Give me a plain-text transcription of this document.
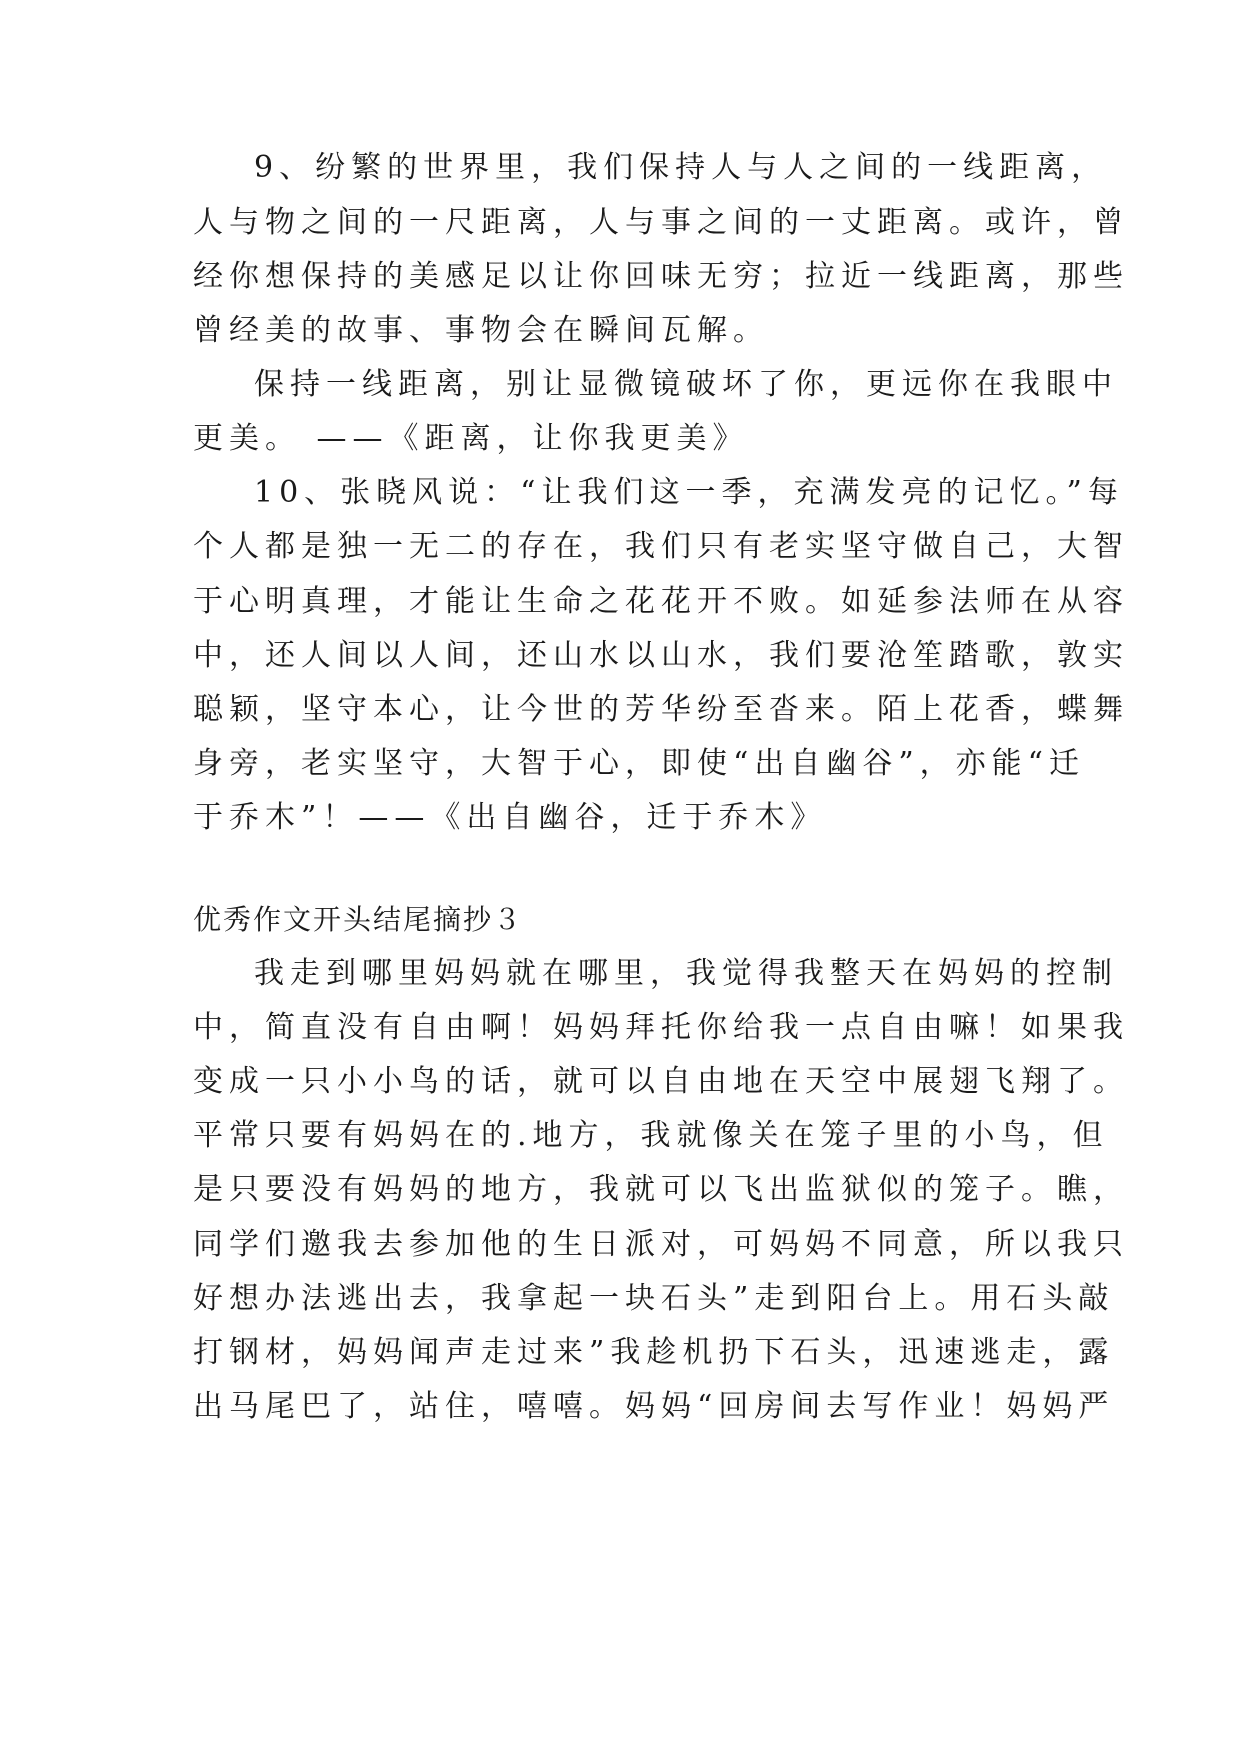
9、纷繁的世界里，我们保持人与人之间的一线距离，
人与物之间的一尺距离，人与事之间的一丈距离。或许，曾
经你想保持的美感足以让你回味无穷；拉近一线距离，那些
曾经美的故事、事物会在瞬间瓦解。
保持一线距离，别让显微镜破坏了你，更远你在我眼中
更美。 ——《距离，让你我更美》
10、张晓风说：“让我们这一季，充满发亮的记忆。”每
个人都是独一无二的存在，我们只有老实坚守做自己，大智
于心明真理，才能让生命之花花开不败。如延参法师在从容
中，还人间以人间，还山水以山水，我们要沧笙踏歌，敦实
聪颖，坚守本心，让今世的芳华纷至沓来。陌上花香，蝶舞
身旁，老实坚守，大智于心，即使“出自幽谷”，亦能“迁
于乔木”！——《出自幽谷，迁于乔木》
优秀作文开头结尾摘抄３
我走到哪里妈妈就在哪里，我觉得我整天在妈妈的控制
中，简直没有自由啊！妈妈拜托你给我一点自由嘛！如果我
变成一只小小鸟的话，就可以自由地在天空中展翅飞翔了。
平常只要有妈妈在的.地方，我就像关在笼子里的小鸟，但
是只要没有妈妈的地方，我就可以飞出监狱似的笼子。瞧，
同学们邀我去参加他的生日派对，可妈妈不同意，所以我只
好想办法逃出去，我拿起一块石头”走到阳台上。用石头敲
打钢材，妈妈闻声走过来”我趁机扔下石头，迅速逃走，露
出马尾巴了，站住，嘻嘻。妈妈“回房间去写作业！妈妈严
